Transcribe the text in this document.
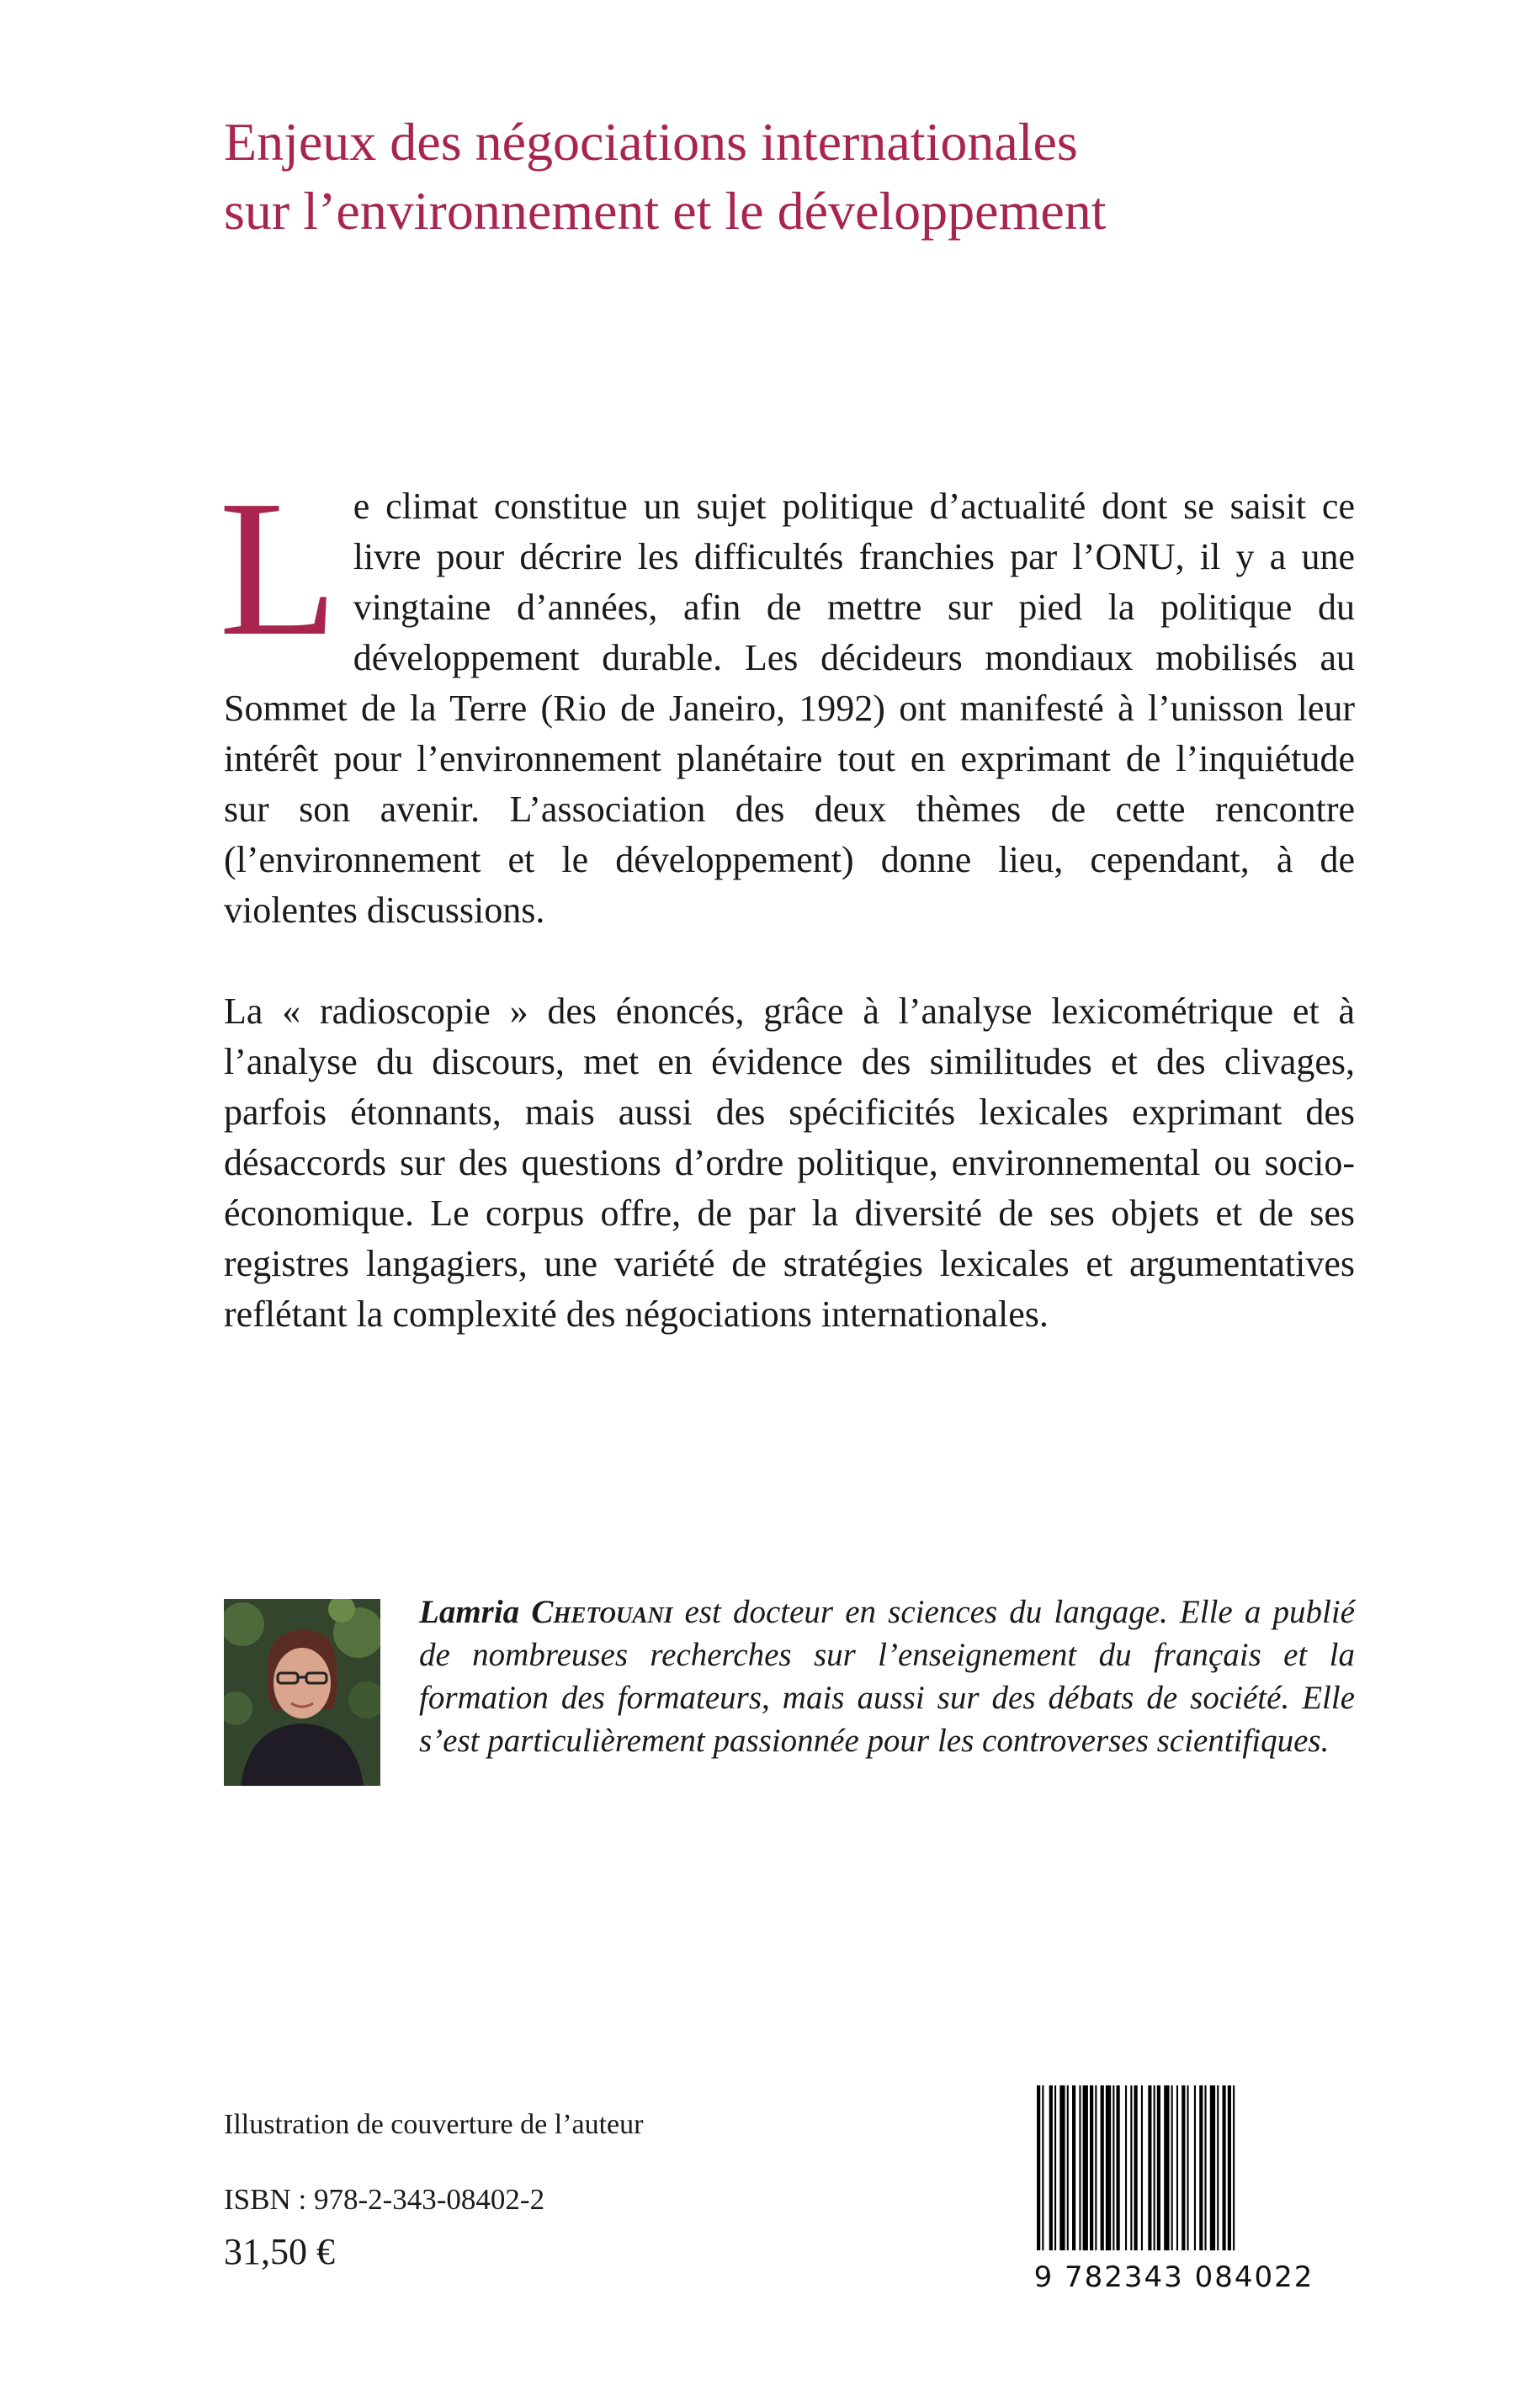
Enjeux des négociations internationales
sur l’environnement et le développement

Le climat constitue un sujet politique d’actualité dont se saisit ce livre pour décrire les difficultés franchies par l’ONU, il y a une vingtaine d’années, afin de mettre sur pied la politique du développement durable. Les décideurs mondiaux mobilisés au Sommet de la Terre (Rio de Janeiro, 1992) ont manifesté à l’unisson leur intérêt pour l’environnement planétaire tout en exprimant de l’inquiétude sur son avenir. L’association des deux thèmes de cette rencontre (l’environnement et le développement) donne lieu, cependant, à de violentes discussions.

La « radioscopie » des énoncés, grâce à l’analyse lexicométrique et à l’analyse du discours, met en évidence des similitudes et des clivages, parfois étonnants, mais aussi des spécificités lexicales exprimant des désaccords sur des questions d’ordre politique, environnemental ou socio-économique. Le corpus offre, de par la diversité de ses objets et de ses registres langagiers, une variété de stratégies lexicales et argumentatives reflétant la complexité des négociations internationales.

Lamria Chetouani est docteur en sciences du langage. Elle a publié de nombreuses recherches sur l’enseignement du français et la formation des formateurs, mais aussi sur des débats de société. Elle s’est particulièrement passionnée pour les controverses scientifiques.
Illustration de couverture de l’auteur
ISBN : 978-2-343-08402-2
31,50 €
9 782343 084022
